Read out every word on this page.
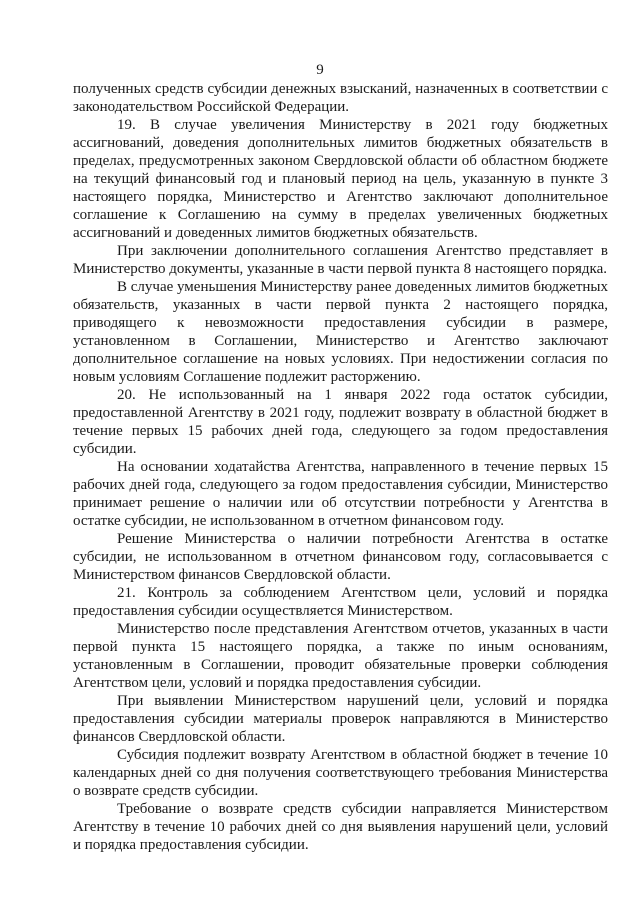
9

полученных средств субсидии денежных взысканий, назначенных в соответствии с законодательством Российской Федерации.

19. В случае увеличения Министерству в 2021 году бюджетных ассигнований, доведения дополнительных лимитов бюджетных обязательств в пределах, предусмотренных законом Свердловской области об областном бюджете на текущий финансовый год и плановый период на цель, указанную в пункте 3 настоящего порядка, Министерство и Агентство заключают дополнительное соглашение к Соглашению на сумму в пределах увеличенных бюджетных ассигнований и доведенных лимитов бюджетных обязательств.

При заключении дополнительного соглашения Агентство представляет в Министерство документы, указанные в части первой пункта 8 настоящего порядка.

В случае уменьшения Министерству ранее доведенных лимитов бюджетных обязательств, указанных в части первой пункта 2 настоящего порядка, приводящего к невозможности предоставления субсидии в размере, установленном в Соглашении, Министерство и Агентство заключают дополнительное соглашение на новых условиях. При недостижении согласия по новым условиям Соглашение подлежит расторжению.

20. Не использованный на 1 января 2022 года остаток субсидии, предоставленной Агентству в 2021 году, подлежит возврату в областной бюджет в течение первых 15 рабочих дней года, следующего за годом предоставления субсидии.

На основании ходатайства Агентства, направленного в течение первых 15 рабочих дней года, следующего за годом предоставления субсидии, Министерство принимает решение о наличии или об отсутствии потребности у Агентства в остатке субсидии, не использованном в отчетном финансовом году.

Решение Министерства о наличии потребности Агентства в остатке субсидии, не использованном в отчетном финансовом году, согласовывается с Министерством финансов Свердловской области.

21. Контроль за соблюдением Агентством цели, условий и порядка предоставления субсидии осуществляется Министерством.

Министерство после представления Агентством отчетов, указанных в части первой пункта 15 настоящего порядка, а также по иным основаниям, установленным в Соглашении, проводит обязательные проверки соблюдения Агентством цели, условий и порядка предоставления субсидии.

При выявлении Министерством нарушений цели, условий и порядка предоставления субсидии материалы проверок направляются в Министерство финансов Свердловской области.

Субсидия подлежит возврату Агентством в областной бюджет в течение 10 календарных дней со дня получения соответствующего требования Министерства о возврате средств субсидии.

Требование о возврате средств субсидии направляется Министерством Агентству в течение 10 рабочих дней со дня выявления нарушений цели, условий и порядка предоставления субсидии.
